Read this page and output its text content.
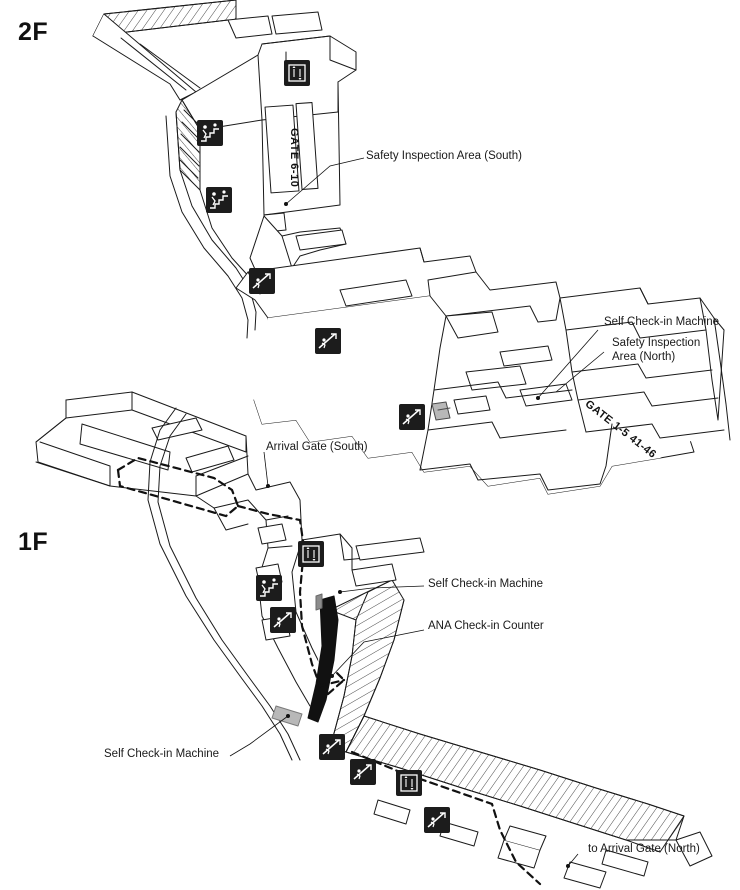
2F
1F
GATE 6-10
GATE 1-5 41-46
Safety Inspection Area (South)
Self Check-in Machine
Safety Inspection Area (North)
Arrival Gate (South)
Self Check-in Machine
ANA Check-in Counter
Self Check-in Machine
to Arrival Gate (North)
